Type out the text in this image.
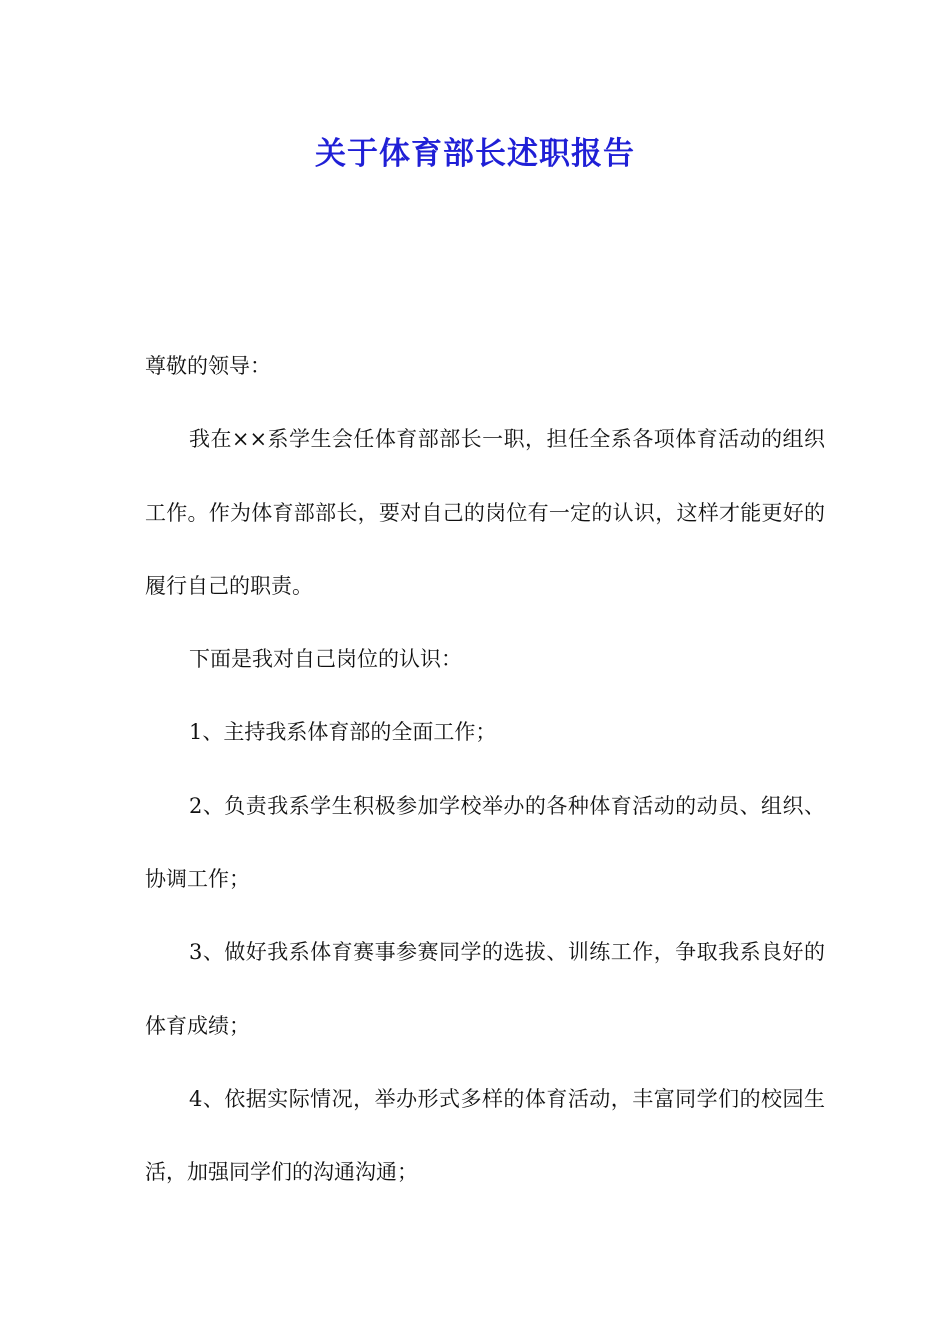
关于体育部长述职报告

尊敬的领导：

我在××系学生会任体育部部长一职，担任全系各项体育活动的组织工作。作为体育部部长，要对自己的岗位有一定的认识，这样才能更好的履行自己的职责。

下面是我对自己岗位的认识：

1、主持我系体育部的全面工作；

2、负责我系学生积极参加学校举办的各种体育活动的动员、组织、协调工作；

3、做好我系体育赛事参赛同学的选拔、训练工作，争取我系良好的体育成绩；

4、依据实际情况，举办形式多样的体育活动，丰富同学们的校园生活，加强同学们的沟通沟通；
